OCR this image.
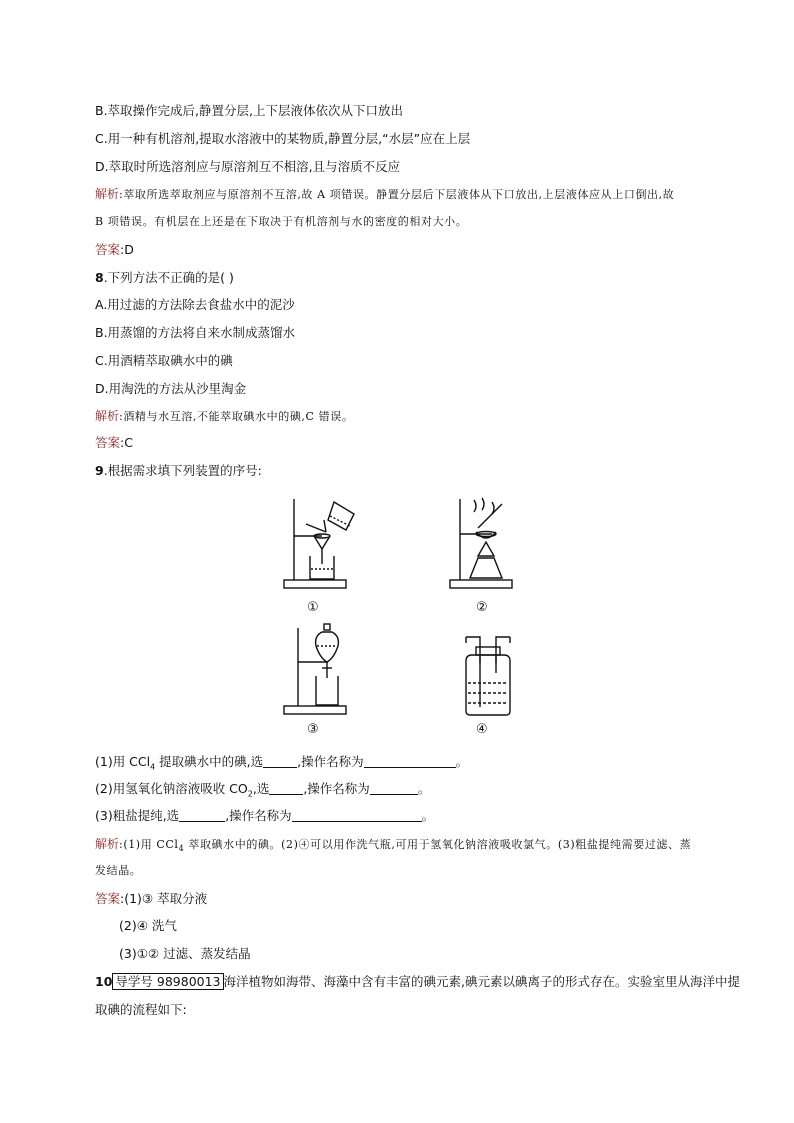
B.萃取操作完成后,静置分层,上下层液体依次从下口放出
C.用一种有机溶剂,提取水溶液中的某物质,静置分层,“水层”应在上层
D.萃取时所选溶剂应与原溶剂互不相溶,且与溶质不反应
解析:萃取所选萃取剂应与原溶剂不互溶,故 A 项错误。静置分层后下层液体从下口放出,上层液体应从上口倒出,故
B 项错误。有机层在上还是在下取决于有机溶剂与水的密度的相对大小。
答案:D
8.下列方法不正确的是( )
A.用过滤的方法除去食盐水中的泥沙
B.用蒸馏的方法将自来水制成蒸馏水
C.用酒精萃取碘水中的碘
D.用淘洗的方法从沙里淘金
解析:酒精与水互溶,不能萃取碘水中的碘,C 错误。
答案:C
9.根据需求填下列装置的序号:
①	②
③	④
(1)用 CCl$_4$ 提取碘水中的碘,选	,操作名称为	。
(2)用氢氧化钠溶液吸收 $CO_2$,选	,操作名称为	。
(3)粗盐提纯,选	,操作名称为	。
解析:(1)用 CCl$_4$ 萃取碘水中的碘。(2)④可以用作洗气瓶,可用于氢氧化钠溶液吸收氯气。(3)粗盐提纯需要过滤、蒸
发结晶。
答案:(1)③ 萃取分液
(2)④ 洗气
(3)①② 过滤、蒸发结晶
10 导学号 98980013 海洋植物如海带、海藻中含有丰富的碘元素,碘元素以碘离子的形式存在。实验室里从海洋中提
取碘的流程如下:
